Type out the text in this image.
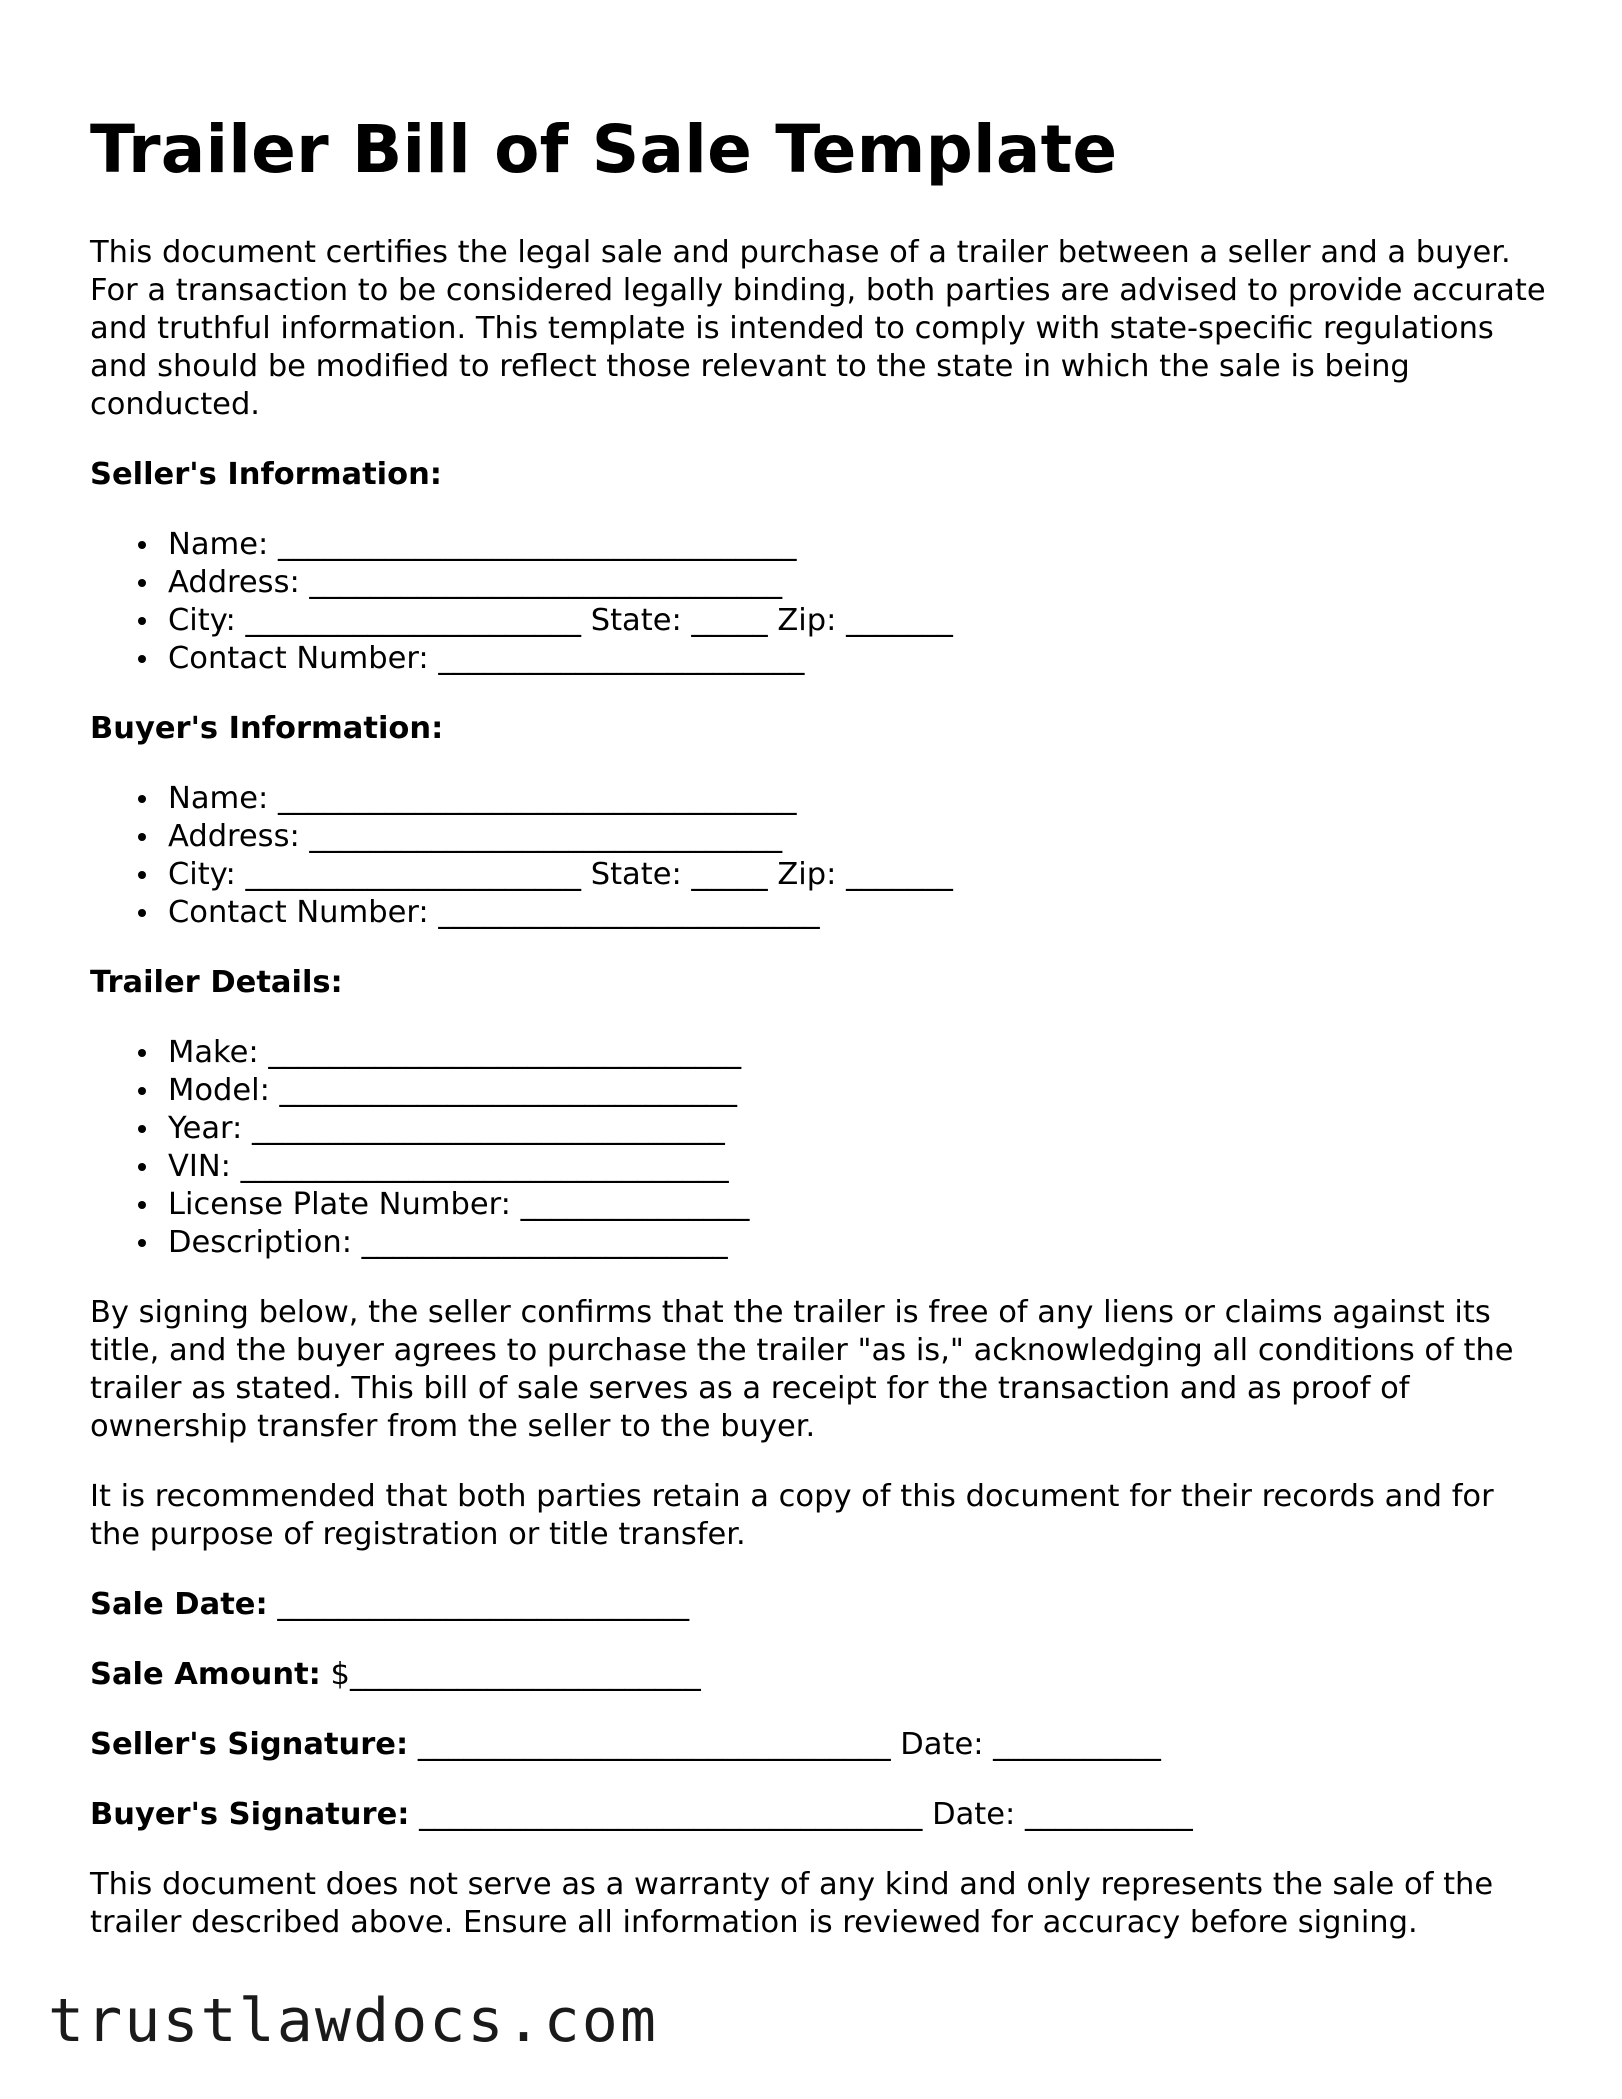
Trailer Bill of Sale Template

This document certifies the legal sale and purchase of a trailer between a seller and a buyer. For a transaction to be considered legally binding, both parties are advised to provide accurate and truthful information. This template is intended to comply with state-specific regulations and should be modified to reflect those relevant to the state in which the sale is being conducted.

Seller's Information:
Name: __________________________________
Address: _______________________________
City: ______________________ State: _____ Zip: _______
Contact Number: ________________________
Buyer's Information:
Name: __________________________________
Address: _______________________________
City: ______________________ State: _____ Zip: _______
Contact Number: _________________________
Trailer Details:
Make: _______________________________
Model: ______________________________
Year: _______________________________
VIN: ________________________________
License Plate Number: _______________
Description: ________________________

By signing below, the seller confirms that the trailer is free of any liens or claims against its title, and the buyer agrees to purchase the trailer "as is," acknowledging all conditions of the trailer as stated. This bill of sale serves as a receipt for the transaction and as proof of ownership transfer from the seller to the buyer.

It is recommended that both parties retain a copy of this document for their records and for the purpose of registration or title transfer.

Sale Date: ___________________________
Sale Amount: $_______________________
Seller's Signature: _______________________________ Date: ___________
Buyer's Signature: _________________________________ Date: ___________

This document does not serve as a warranty of any kind and only represents the sale of the trailer described above. Ensure all information is reviewed for accuracy before signing.

trustlawdocs.com
